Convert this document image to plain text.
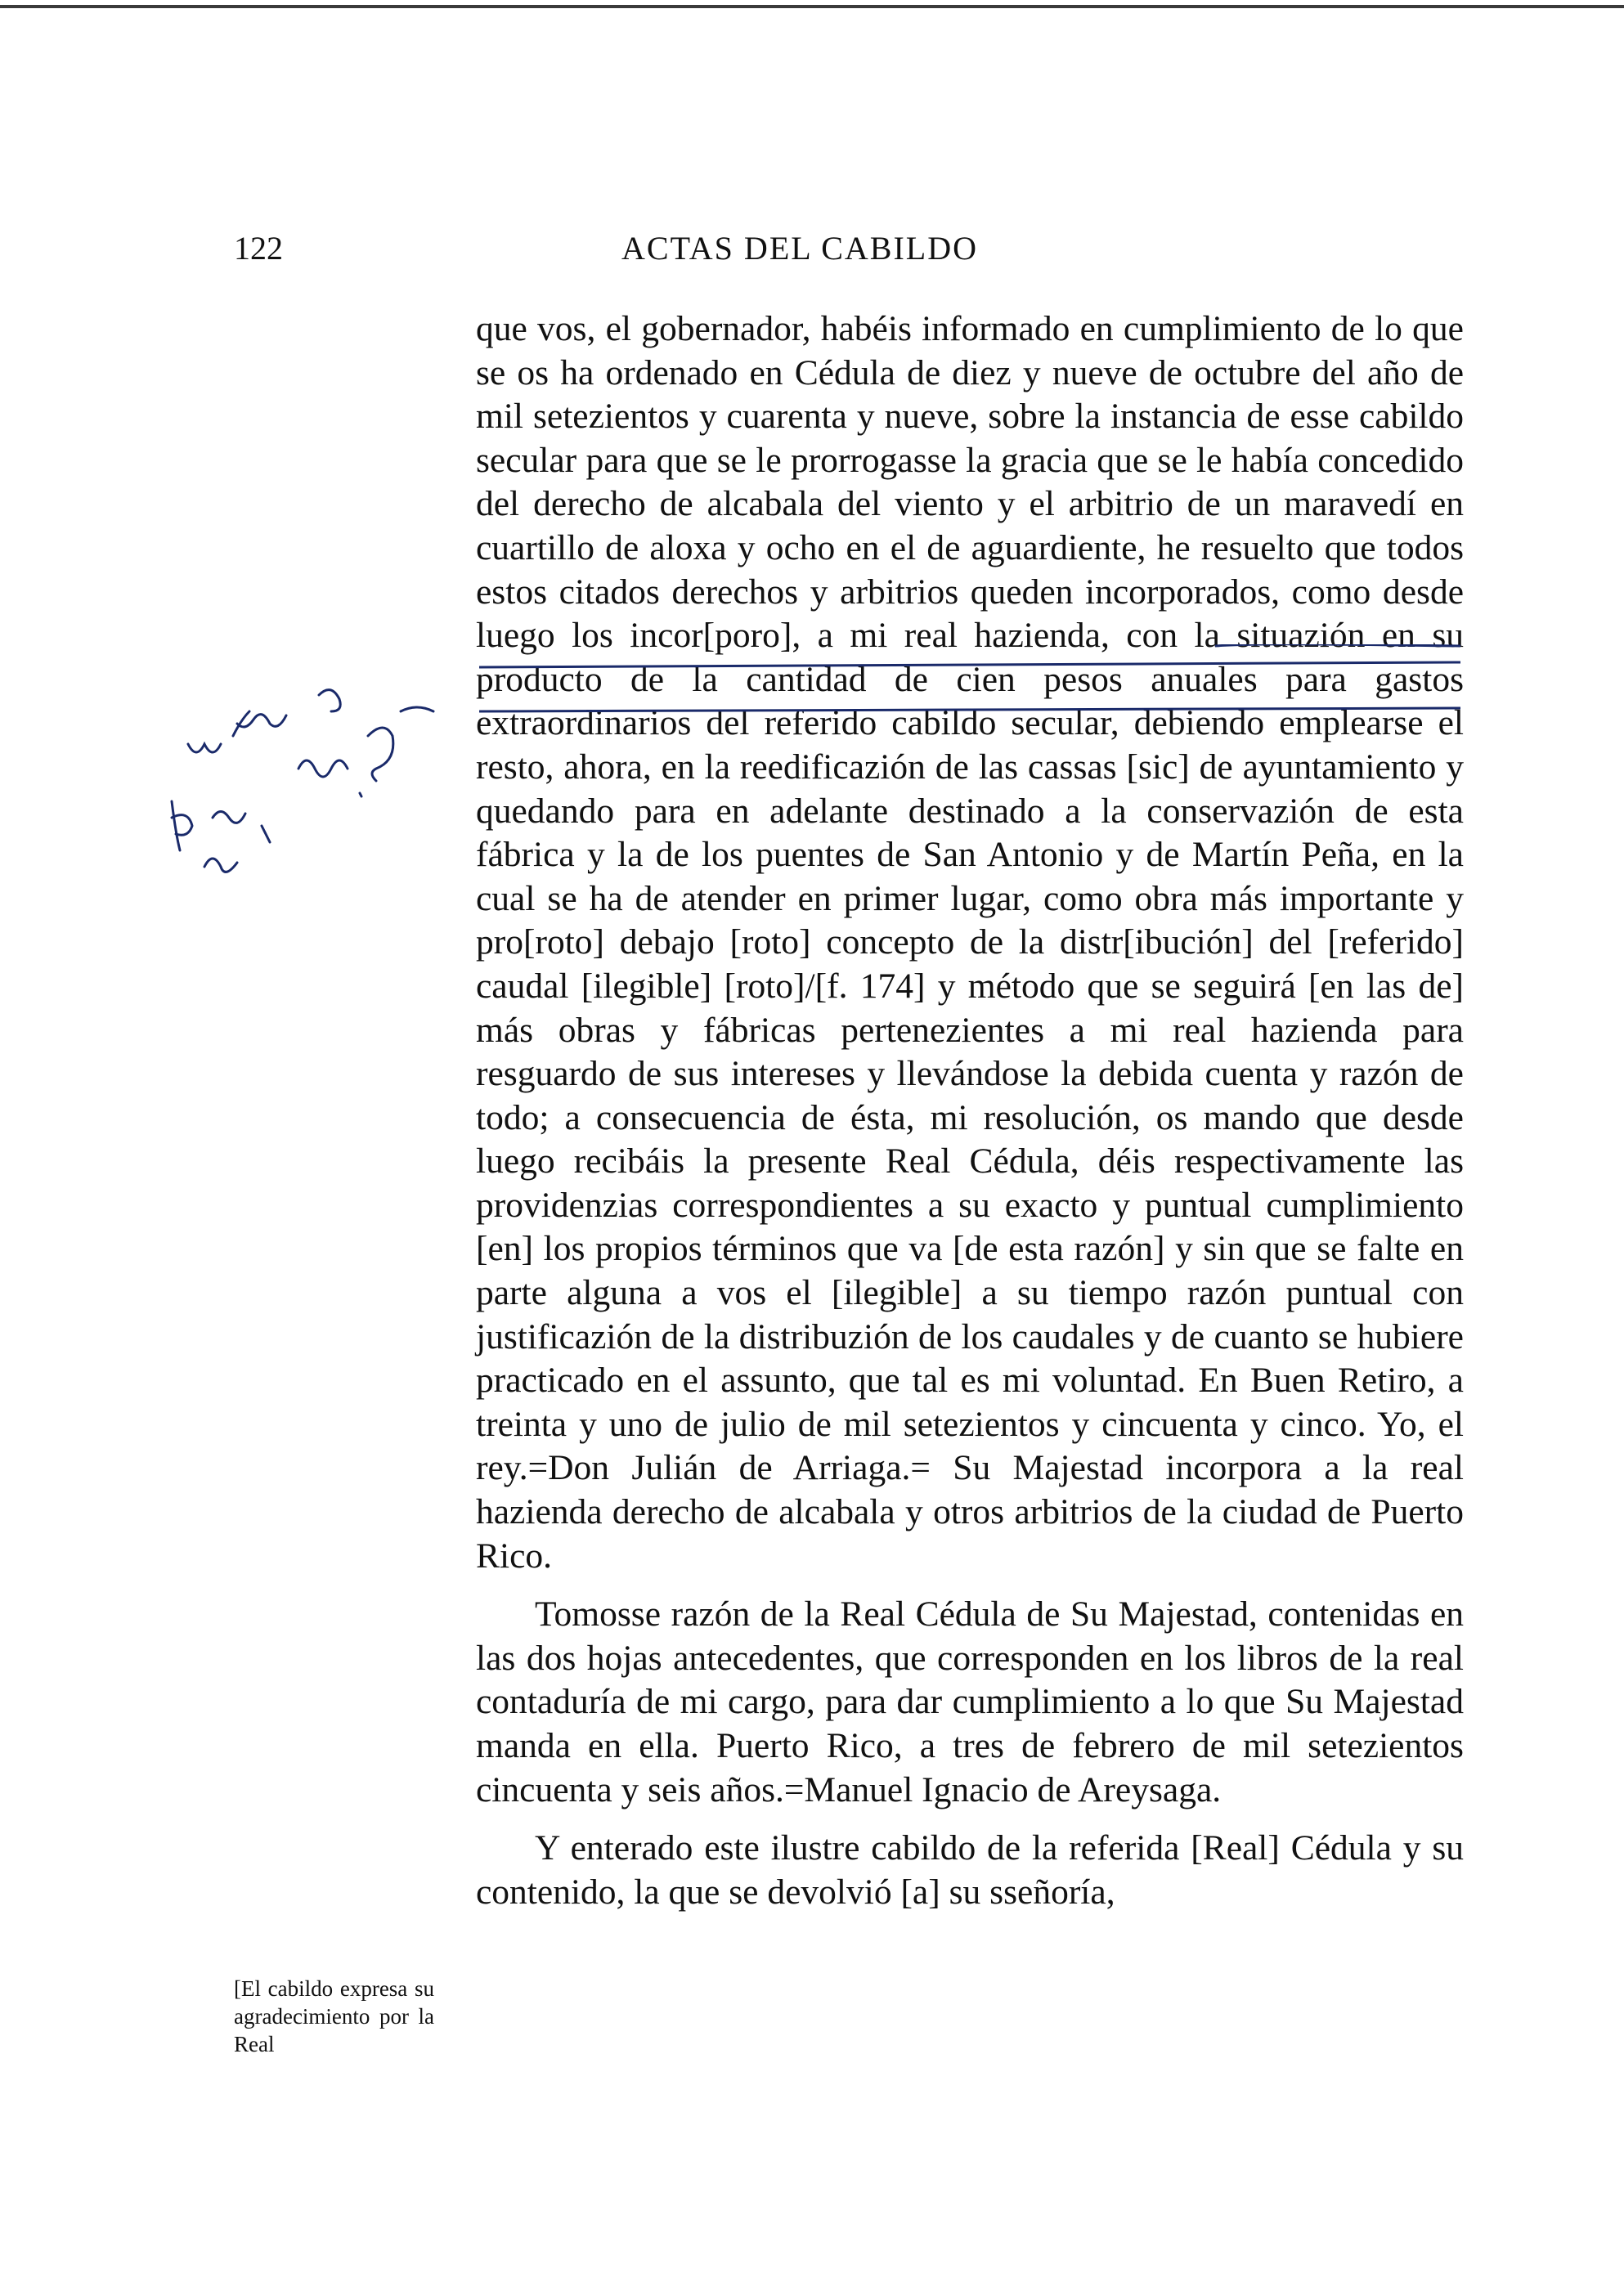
122	ACTAS DEL CABILDO

que vos, el gobernador, habéis informado en cumplimiento de lo que se os ha ordenado en Cédula de diez y nueve de octubre del año de mil setezientos y cuarenta y nueve, sobre la instancia de esse cabildo secular para que se le prorrogasse la gracia que se le había concedido del derecho de alcabala del viento y el arbitrio de un maravedí en cuartillo de aloxa y ocho en el de aguardiente, he resuelto que todos estos citados derechos y arbitrios queden incorporados, como desde luego los incor[poro], a mi real hazienda, con la situazión en su producto de la cantidad de cien pesos anuales para gastos extraordinarios del referido cabildo secular, debiendo emplearse el resto, ahora, en la reedificazión de las cassas [sic] de ayuntamiento y quedando para en adelante destinado a la conservazión de esta fábrica y la de los puentes de San Antonio y de Martín Peña, en la cual se ha de atender en primer lugar, como obra más importante y pro[roto] debajo [roto] concepto de la distr[ibución] del [referido] caudal [ilegible] [roto]/[f. 174] y método que se seguirá [en las de] más obras y fábricas pertenezientes a mi real hazienda para resguardo de sus intereses y llevándose la debida cuenta y razón de todo; a consecuencia de ésta, mi resolución, os mando que desde luego recibáis la presente Real Cédula, déis respectivamente las providenzias correspondientes a su exacto y puntual cumplimiento [en] los propios términos que va [de esta razón] y sin que se falte en parte alguna a vos el [ilegible] a su tiempo razón puntual con justificazión de la distribuzión de los caudales y de cuanto se hubiere practicado en el assunto, que tal es mi voluntad. En Buen Retiro, a treinta y uno de julio de mil setezientos y cincuenta y cinco. Yo, el rey.=Don Julián de Arriaga.= Su Majestad incorpora a la real hazienda derecho de alcabala y otros arbitrios de la ciudad de Puerto Rico.

Tomosse razón de la Real Cédula de Su Majestad, contenidas en las dos hojas antecedentes, que corresponden en los libros de la real contaduría de mi cargo, para dar cumplimiento a lo que Su Majestad manda en ella. Puerto Rico, a tres de febrero de mil setezientos cincuenta y seis años.=Manuel Ignacio de Areysaga.

Y enterado este ilustre cabildo de la referida [Real] Cédula y su contenido, la que se devolvió [a] su sseñoría,

[El cabildo expresa su agradecimiento por la Real
